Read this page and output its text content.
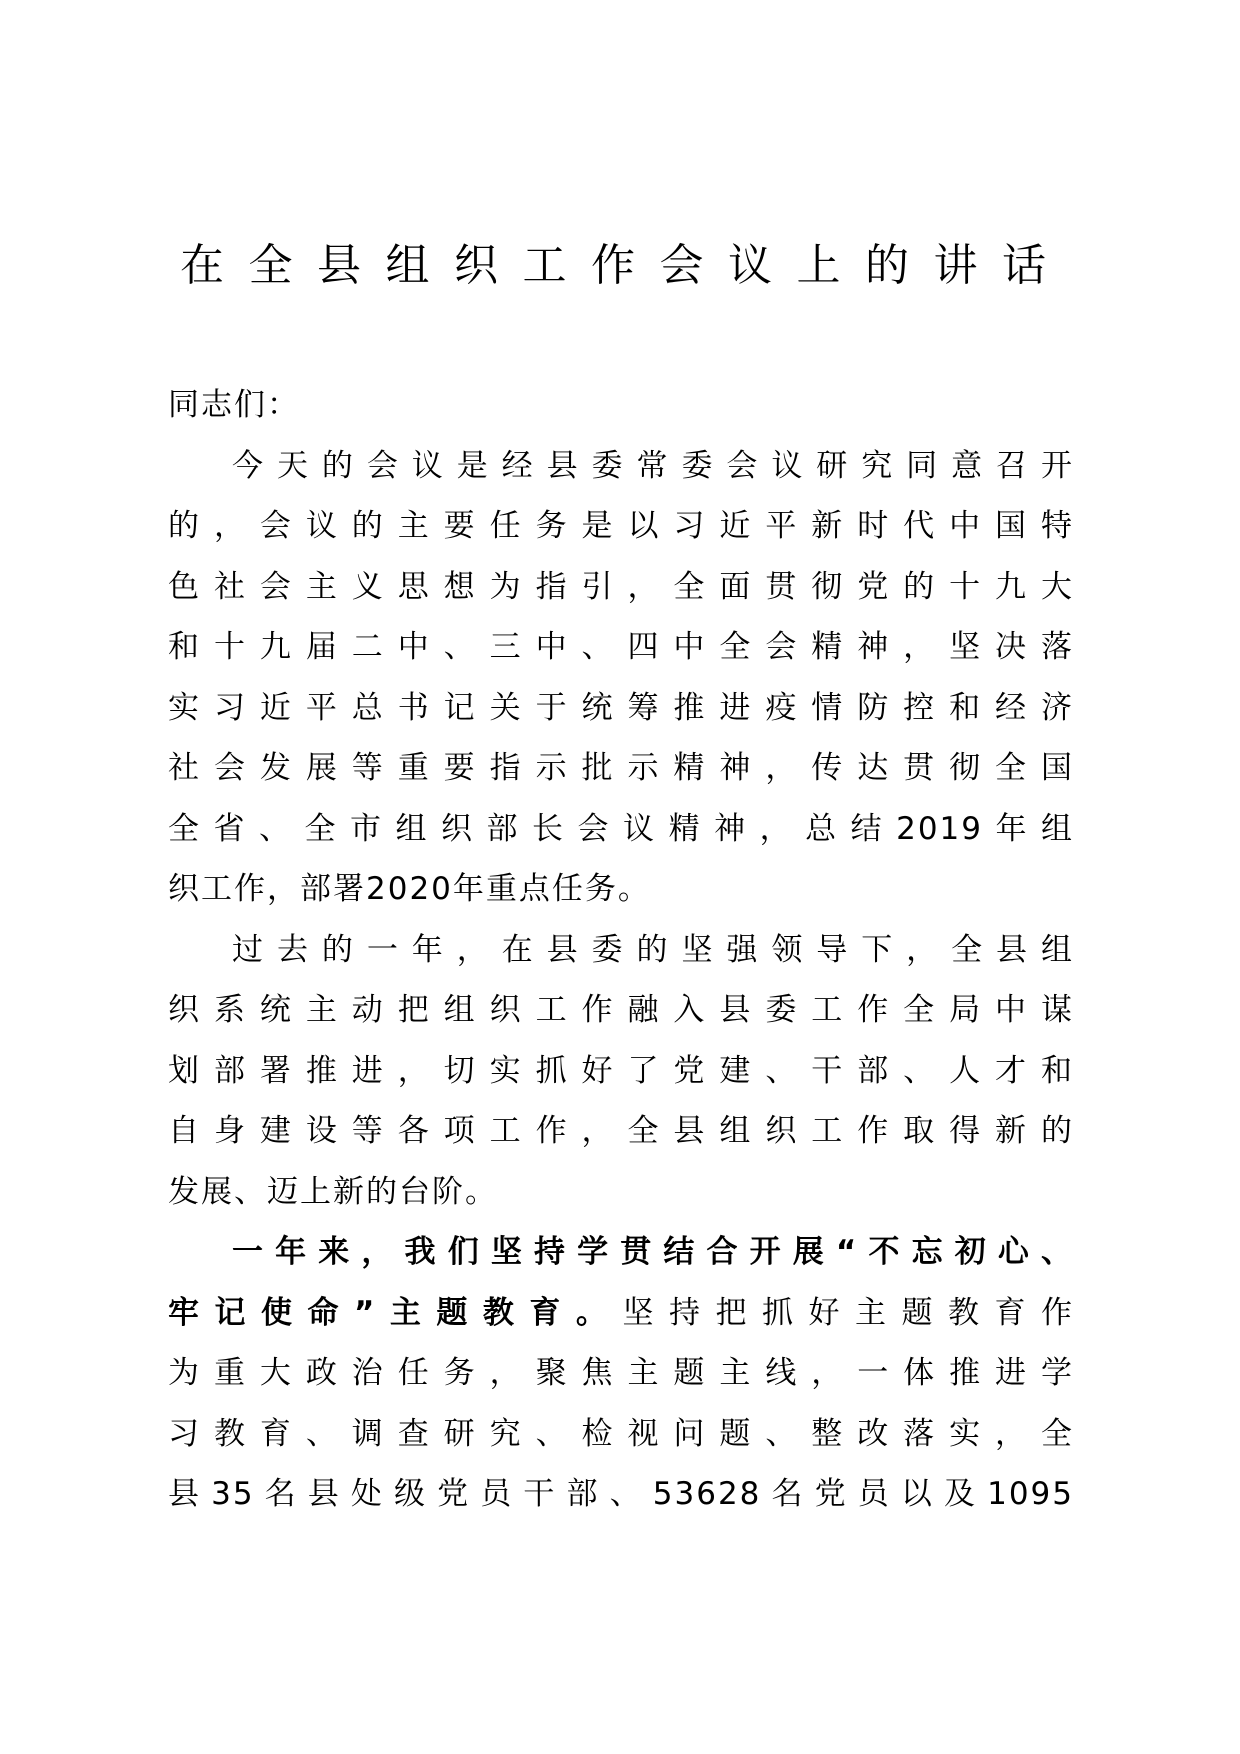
在全县组织工作会议上的讲话
同志们：
今天的会议是经县委常委会议研究同意召开
的，会议的主要任务是以习近平新时代中国特
色社会主义思想为指引，全面贯彻党的十九大
和十九届二中、三中、四中全会精神，坚决落
实习近平总书记关于统筹推进疫情防控和经济
社会发展等重要指示批示精神，传达贯彻全国
全省、全市组织部长会议精神，总结2019年组
织工作，部署2020年重点任务。
过去的一年，在县委的坚强领导下，全县组
织系统主动把组织工作融入县委工作全局中谋
划部署推进，切实抓好了党建、干部、人才和
自身建设等各项工作，全县组织工作取得新的
发展、迈上新的台阶。
一年来，我们坚持学贯结合开展“不忘初心、
牢记使命”主题教育。坚持把抓好主题教育作
为重大政治任务，聚焦主题主线，一体推进学
习教育、调查研究、检视问题、整改落实，全
县35名县处级党员干部、53628名党员以及1095
